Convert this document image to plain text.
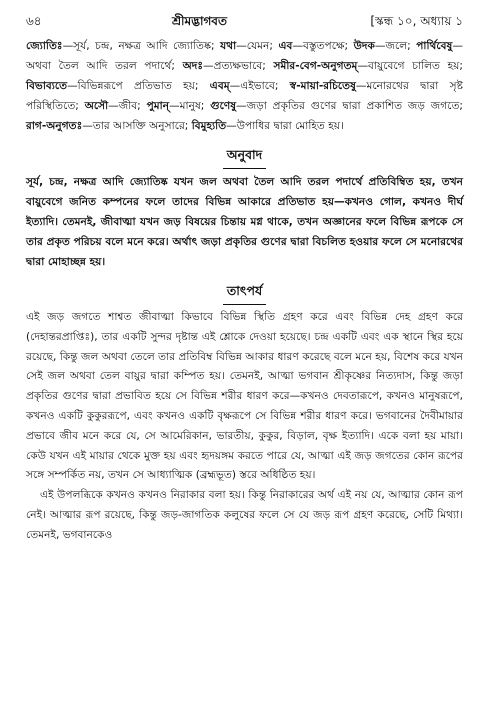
৬৪	শ্রীমদ্ভাগবত	[স্কন্ধ ১০, অধ্যায় ১
জ্যোতিঃ—সূর্য, চন্দ্র, নক্ষত্র আদি জ্যোতিষ্ক; যথা—যেমন; এব—বস্তুতপক্ষে; উদক—জলে; পার্থিবেষু—অথবা তৈল আদি তরল পদার্থে; অদঃ—প্রত্যক্ষভাবে; সমীর-বেগ-অনুগতম্—বায়ুবেগে চালিত হয়; বিভাব্যতে—বিভিন্নরূপে প্রতিভাত হয়; এবম্—এইভাবে; স্ব-মায়া-রচিতেষু—মনোরথের দ্বারা সৃষ্ট পরিস্থিতিতে; অসৌ—জীব; পুমান্—মানুষ; গুণেষু—জড়া প্রকৃতির গুণের দ্বারা প্রকাশিত জড় জগতে; রাগ-অনুগতঃ—তার আসক্তি অনুসারে; বিমুহ্যতি—উপাধির দ্বারা মোহিত হয়।
অনুবাদ

সূর্য, চন্দ্র, নক্ষত্র আদি জ্যোতিষ্ক যখন জল অথবা তৈল আদি তরল পদার্থে প্রতিবিম্বিত হয়, তখন বায়ুবেগে জনিত কম্পনের ফলে তাদের বিভিন্ন আকারে প্রতিভাত হয়—কখনও গোল, কখনও দীর্ঘ ইত্যাদি। তেমনই, জীবাত্মা যখন জড় বিষয়ের চিন্তায় মগ্ন থাকে, তখন অজ্ঞানের ফলে বিভিন্ন রূপকে সে তার প্রকৃত পরিচয় বলে মনে করে। অর্থাৎ জড়া প্রকৃতির গুণের দ্বারা বিচলিত হওয়ার ফলে সে মনোরথের দ্বারা মোহাচ্ছন্ন হয়।

তাৎপর্য

এই জড় জগতে শাশ্বত জীবাত্মা কিভাবে বিভিন্ন স্থিতি গ্রহণ করে এবং বিভিন্ন দেহ গ্রহণ করে (দেহান্তরপ্রাপ্তিঃ), তার একটি সুন্দর দৃষ্টান্ত এই শ্লোকে দেওয়া হয়েছে। চন্দ্র একটি এবং এক স্থানে স্থির হয়ে রয়েছে, কিন্তু জল অথবা তেলে তার প্রতিবিম্ব বিভিন্ন আকার ধারণ করেছে বলে মনে হয়, বিশেষ করে যখন সেই জল অথবা তেল বায়ুর দ্বারা কম্পিত হয়। তেমনই, আত্মা ভগবান শ্রীকৃষ্ণের নিত্যদাস, কিন্তু জড়া প্রকৃতির গুণের দ্বারা প্রভাবিত হয়ে সে বিভিন্ন শরীর ধারণ করে—কখনও দেবতারূপে, কখনও মানুষরূপে, কখনও একটি কুকুররূপে, এবং কখনও একটি বৃক্ষরূপে সে বিভিন্ন শরীর ধারণ করে। ভগবানের দৈবীমায়ার প্রভাবে জীব মনে করে যে, সে আমেরিকান, ভারতীয়, কুকুর, বিড়াল, বৃক্ষ ইত্যাদি। একে বলা হয় মায়া। কেউ যখন এই মায়ার থেকে মুক্ত হয় এবং হৃদয়ঙ্গম করতে পারে যে, আত্মা এই জড় জগতের কোন রূপের সঙ্গে সম্পর্কিত নয়, তখন সে আধ্যাত্মিক (ব্রহ্মভূত) স্তরে অধিষ্ঠিত হয়।

এই উপলব্ধিকে কখনও কখনও নিরাকার বলা হয়। কিন্তু নিরাকারের অর্থ এই নয় যে, আত্মার কোন রূপ নেই। আত্মার রূপ রয়েছে, কিন্তু জড়-জাগতিক কলুষের ফলে সে যে জড় রূপ গ্রহণ করেছে, সেটি মিথ্যা। তেমনই, ভগবানকেও
